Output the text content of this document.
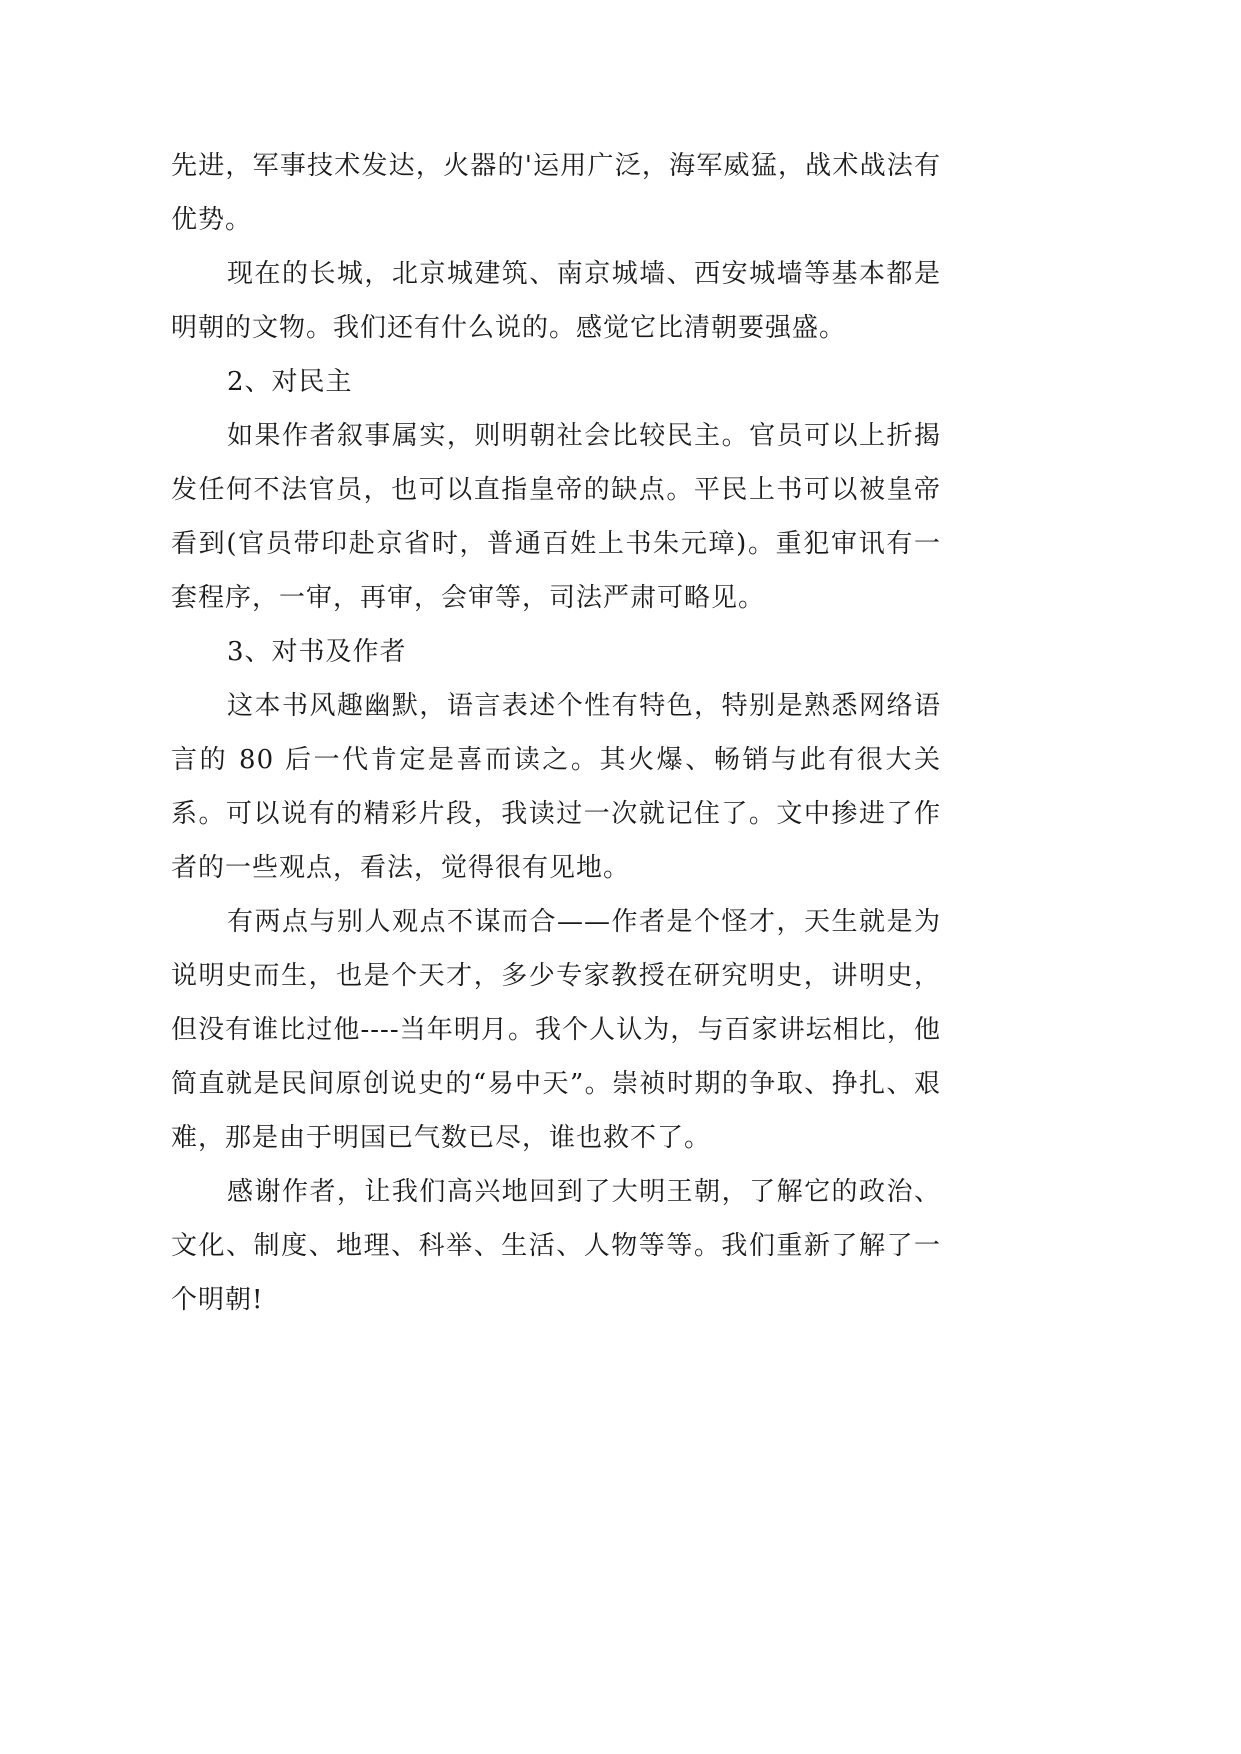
先进，军事技术发达，火器的'运用广泛，海军威猛，战术战法有优势。

现在的长城，北京城建筑、南京城墙、西安城墙等基本都是明朝的文物。我们还有什么说的。感觉它比清朝要强盛。

2、对民主

如果作者叙事属实，则明朝社会比较民主。官员可以上折揭发任何不法官员，也可以直指皇帝的缺点。平民上书可以被皇帝看到(官员带印赴京省时，普通百姓上书朱元璋)。重犯审讯有一套程序，一审，再审，会审等，司法严肃可略见。

3、对书及作者

这本书风趣幽默，语言表述个性有特色，特别是熟悉网络语言的 80 后一代肯定是喜而读之。其火爆、畅销与此有很大关系。可以说有的精彩片段，我读过一次就记住了。文中掺进了作者的一些观点，看法，觉得很有见地。

有两点与别人观点不谋而合——作者是个怪才，天生就是为说明史而生，也是个天才，多少专家教授在研究明史，讲明史，但没有谁比过他----当年明月。我个人认为，与百家讲坛相比，他简直就是民间原创说史的“易中天”。崇祯时期的争取、挣扎、艰难，那是由于明国已气数已尽，谁也救不了。

感谢作者，让我们高兴地回到了大明王朝，了解它的政治、文化、制度、地理、科举、生活、人物等等。我们重新了解了一个明朝!
